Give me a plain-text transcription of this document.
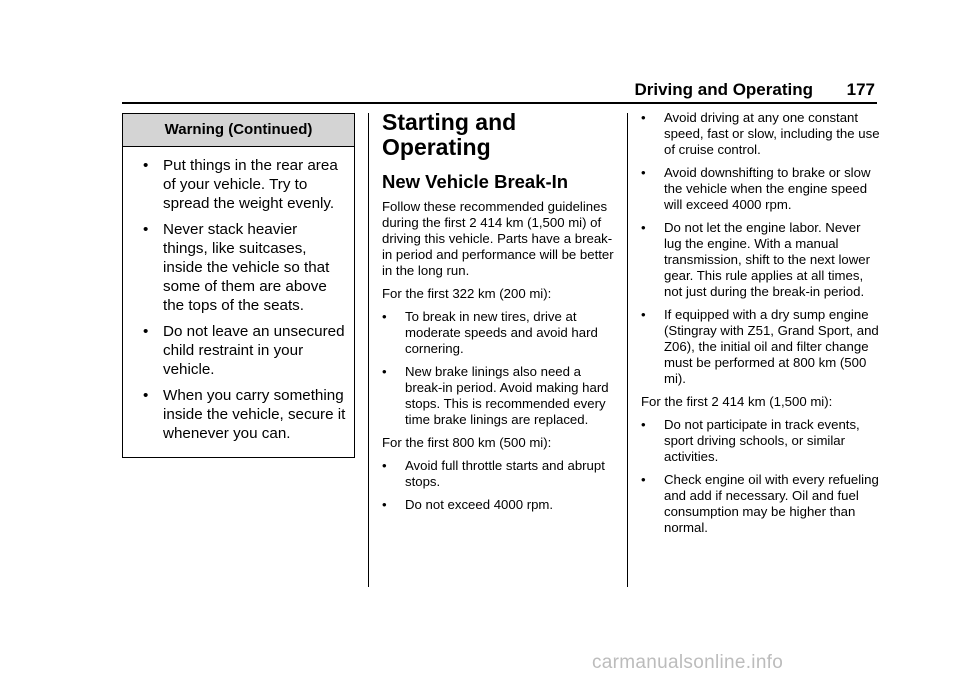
Driving and Operating 177
Warning (Continued)
• Put things in the rear area of your vehicle. Try to spread the weight evenly.
• Never stack heavier things, like suitcases, inside the vehicle so that some of them are above the tops of the seats.
• Do not leave an unsecured child restraint in your vehicle.
• When you carry something inside the vehicle, secure it whenever you can.
Starting and Operating
New Vehicle Break-In

Follow these recommended guidelines during the first 2 414 km (1,500 mi) of driving this vehicle. Parts have a break-in period and performance will be better in the long run.

For the first 322 km (200 mi):

• To break in new tires, drive at moderate speeds and avoid hard cornering.
• New brake linings also need a break-in period. Avoid making hard stops. This is recommended every time brake linings are replaced.

For the first 800 km (500 mi):

• Avoid full throttle starts and abrupt stops.
• Do not exceed 4000 rpm.
• Avoid driving at any one constant speed, fast or slow, including the use of cruise control.
• Avoid downshifting to brake or slow the vehicle when the engine speed will exceed 4000 rpm.
• Do not let the engine labor. Never lug the engine. With a manual transmission, shift to the next lower gear. This rule applies at all times, not just during the break-in period.
• If equipped with a dry sump engine (Stingray with Z51, Grand Sport, and Z06), the initial oil and filter change must be performed at 800 km (500 mi).

For the first 2 414 km (1,500 mi):

• Do not participate in track events, sport driving schools, or similar activities.
• Check engine oil with every refueling and add if necessary. Oil and fuel consumption may be higher than normal.
carmanualsonline.info
